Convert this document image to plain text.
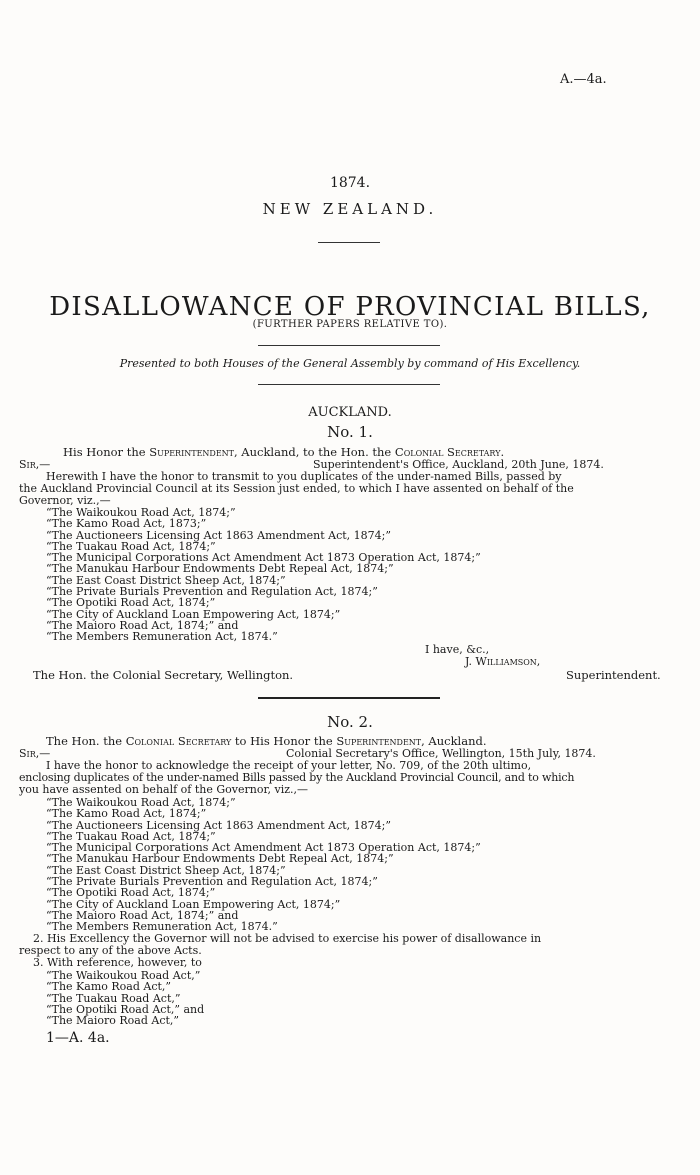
A.—4a.
1874.
NEW ZEALAND.
DISALLOWANCE OF PROVINCIAL BILLS,
(FURTHER PAPERS RELATIVE TO).
Presented to both Houses of the General Assembly by command of His Excellency.
AUCKLAND.
No. 1.
His Honor the Superintendent, Auckland, to the Hon. the Colonial Secretary.
Sir,—	Superintendent's Office, Auckland, 20th June, 1874.
Herewith I have the honor to transmit to you duplicates of the under-named Bills, passed by
the Auckland Provincial Council at its Session just ended, to which I have assented on behalf of the
Governor, viz.,—
“The Waikoukou Road Act, 1874;”
“The Kamo Road Act, 1873;”
“The Auctioneers Licensing Act 1863 Amendment Act, 1874;”
“The Tuakau Road Act, 1874;”
“The Municipal Corporations Act Amendment Act 1873 Operation Act, 1874;”
“The Manukau Harbour Endowments Debt Repeal Act, 1874;”
“The East Coast District Sheep Act, 1874;”
“The Private Burials Prevention and Regulation Act, 1874;”
“The Opotiki Road Act, 1874;”
“The City of Auckland Loan Empowering Act, 1874;”
“The Maioro Road Act, 1874;” and
“The Members Remuneration Act, 1874.”
I have, &c.,
J. Williamson,
The Hon. the Colonial Secretary, Wellington.	Superintendent.
No. 2.
The Hon. the Colonial Secretary to His Honor the Superintendent, Auckland.
Sir,—	Colonial Secretary's Office, Wellington, 15th July, 1874.
I have the honor to acknowledge the receipt of your letter, No. 709, of the 20th ultimo,
enclosing duplicates of the under-named Bills passed by the Auckland Provincial Council, and to which
you have assented on behalf of the Governor, viz.,—
“The Waikoukou Road Act, 1874;”
“The Kamo Road Act, 1874;”
“The Auctioneers Licensing Act 1863 Amendment Act, 1874;”
“The Tuakau Road Act, 1874;”
“The Municipal Corporations Act Amendment Act 1873 Operation Act, 1874;”
“The Manukau Harbour Endowments Debt Repeal Act, 1874;”
“The East Coast District Sheep Act, 1874;”
“The Private Burials Prevention and Regulation Act, 1874;”
“The Opotiki Road Act, 1874;”
“The City of Auckland Loan Empowering Act, 1874;”
“The Maioro Road Act, 1874;” and
“The Members Remuneration Act, 1874.”
2. His Excellency the Governor will not be advised to exercise his power of disallowance in
respect to any of the above Acts.
3. With reference, however, to
“The Waikoukou Road Act,”
“The Kamo Road Act,”
“The Tuakau Road Act,”
“The Opotiki Road Act,” and
“The Maioro Road Act,”
1—A. 4a.
